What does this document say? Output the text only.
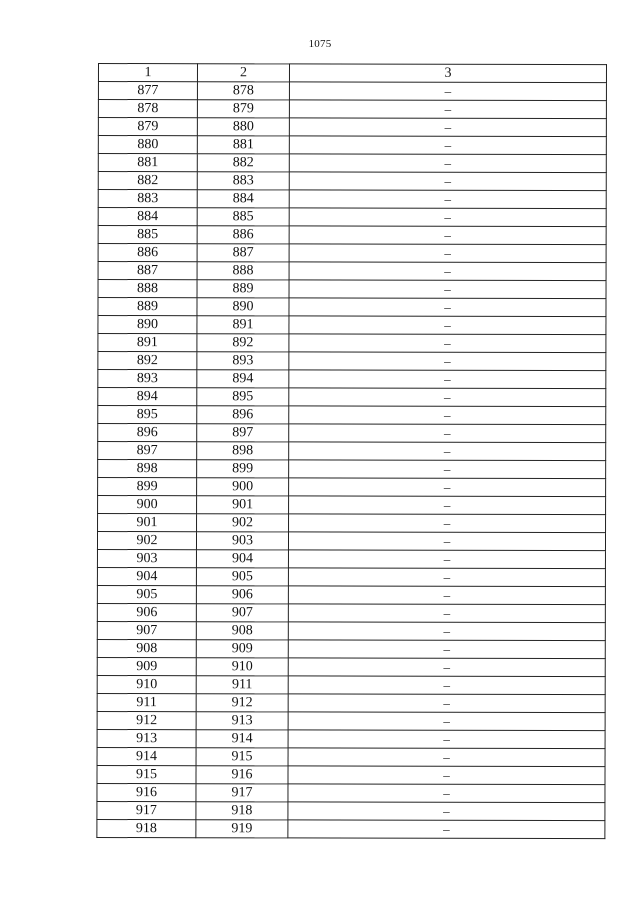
1075
1	2	3
877	878	–
878	879	–
879	880	–
880	881	–
881	882	–
882	883	–
883	884	–
884	885	–
885	886	–
886	887	–
887	888	–
888	889	–
889	890	–
890	891	–
891	892	–
892	893	–
893	894	–
894	895	–
895	896	–
896	897	–
897	898	–
898	899	–
899	900	–
900	901	–
901	902	–
902	903	–
903	904	–
904	905	–
905	906	–
906	907	–
907	908	–
908	909	–
909	910	–
910	911	–
911	912	–
912	913	–
913	914	–
914	915	–
915	916	–
916	917	–
917	918	–
918	919	–
